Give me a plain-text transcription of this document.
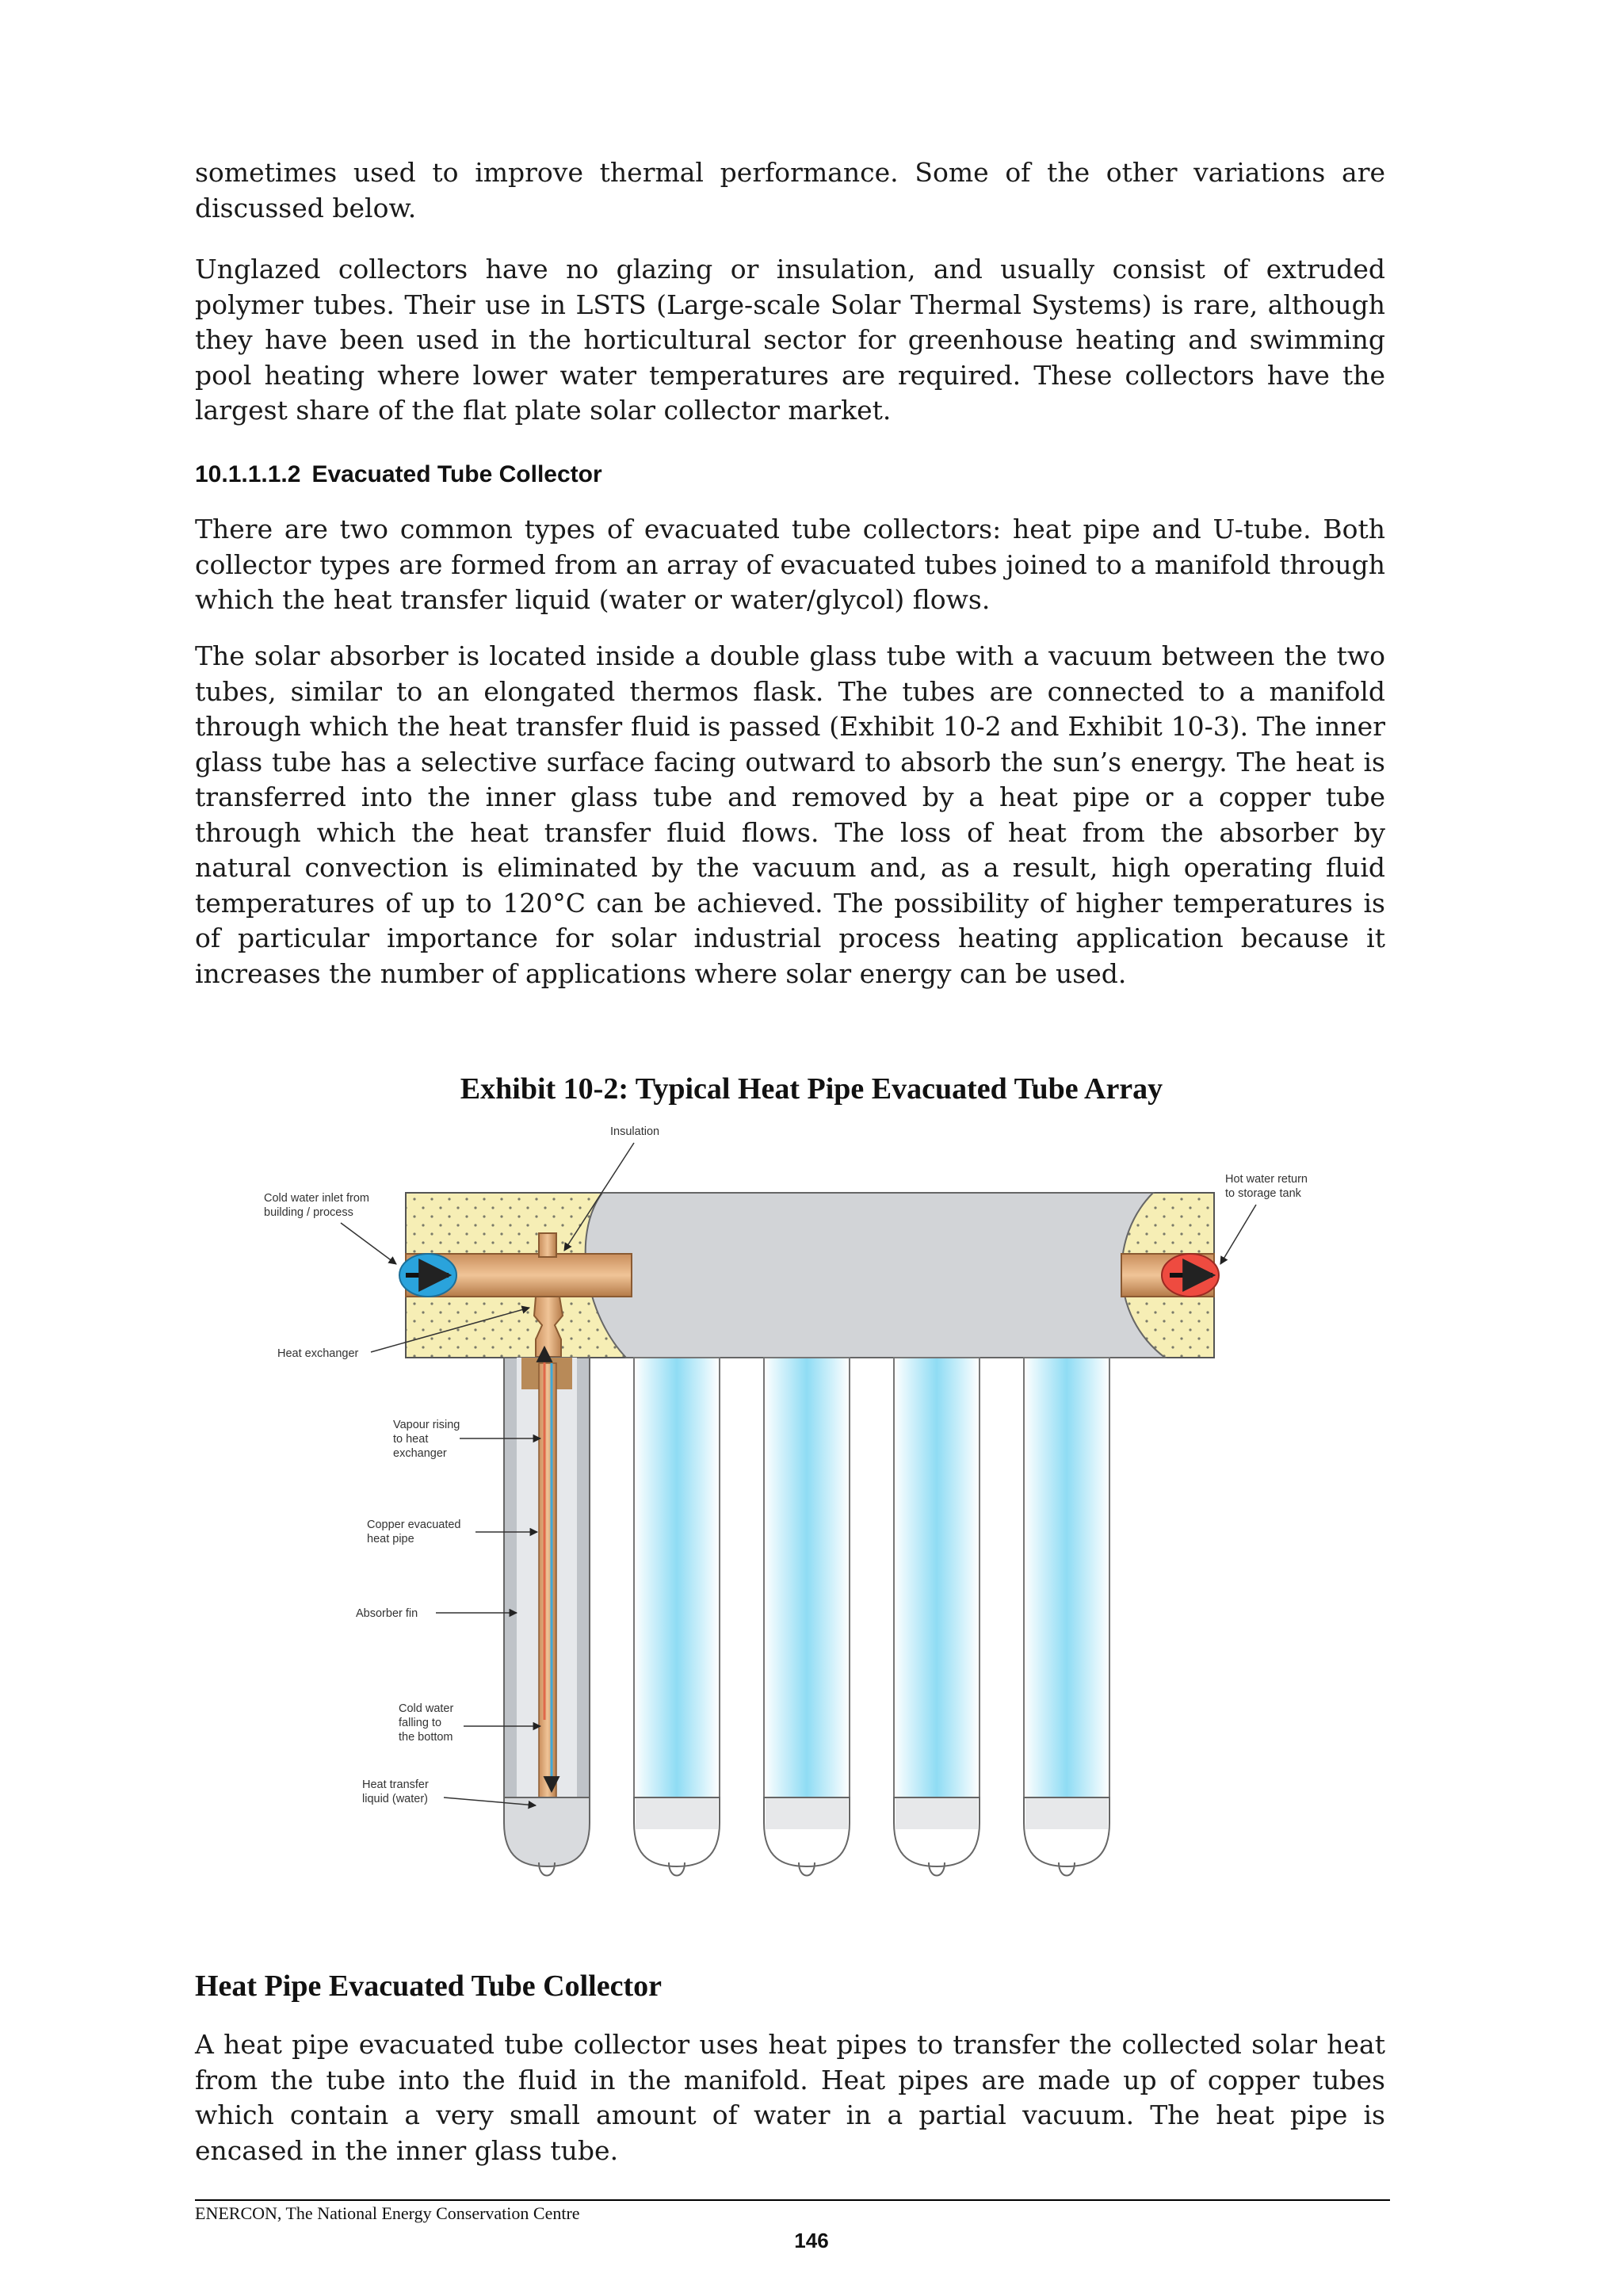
sometimes used to improve thermal performance. Some of the other variations are discussed below.

Unglazed collectors have no glazing or insulation, and usually consist of extruded polymer tubes. Their use in LSTS (Large-scale Solar Thermal Systems) is rare, although they have been used in the horticultural sector for greenhouse heating and swimming pool heating where lower water temperatures are required. These collectors have the largest share of the flat plate solar collector market.

10.1.1.1.2 Evacuated Tube Collector

There are two common types of evacuated tube collectors: heat pipe and U-tube. Both collector types are formed from an array of evacuated tubes joined to a manifold through which the heat transfer liquid (water or water/glycol) flows.

The solar absorber is located inside a double glass tube with a vacuum between the two tubes, similar to an elongated thermos flask. The tubes are connected to a manifold through which the heat transfer fluid is passed (Exhibit 10-2 and Exhibit 10-3). The inner glass tube has a selective surface facing outward to absorb the sun’s energy. The heat is transferred into the inner glass tube and removed by a heat pipe or a copper tube through which the heat transfer fluid flows. The loss of heat from the absorber by natural convection is eliminated by the vacuum and, as a result, high operating fluid temperatures of up to 120°C can be achieved. The possibility of higher temperatures is of particular importance for solar industrial process heating application because it increases the number of applications where solar energy can be used.

Exhibit 10-2: Typical Heat Pipe Evacuated Tube Array
Insulation
Cold water inlet from
building / process
Hot water return
to storage tank
Heat exchanger
Vapour rising
to heat
exchanger
Copper evacuated
heat pipe
Absorber fin
Cold water
falling to
the bottom
Heat transfer
liquid (water)
Heat Pipe Evacuated Tube Collector

A heat pipe evacuated tube collector uses heat pipes to transfer the collected solar heat from the tube into the fluid in the manifold. Heat pipes are made up of copper tubes which contain a very small amount of water in a partial vacuum. The heat pipe is encased in the inner glass tube.

ENERCON, The National Energy Conservation Centre
146
